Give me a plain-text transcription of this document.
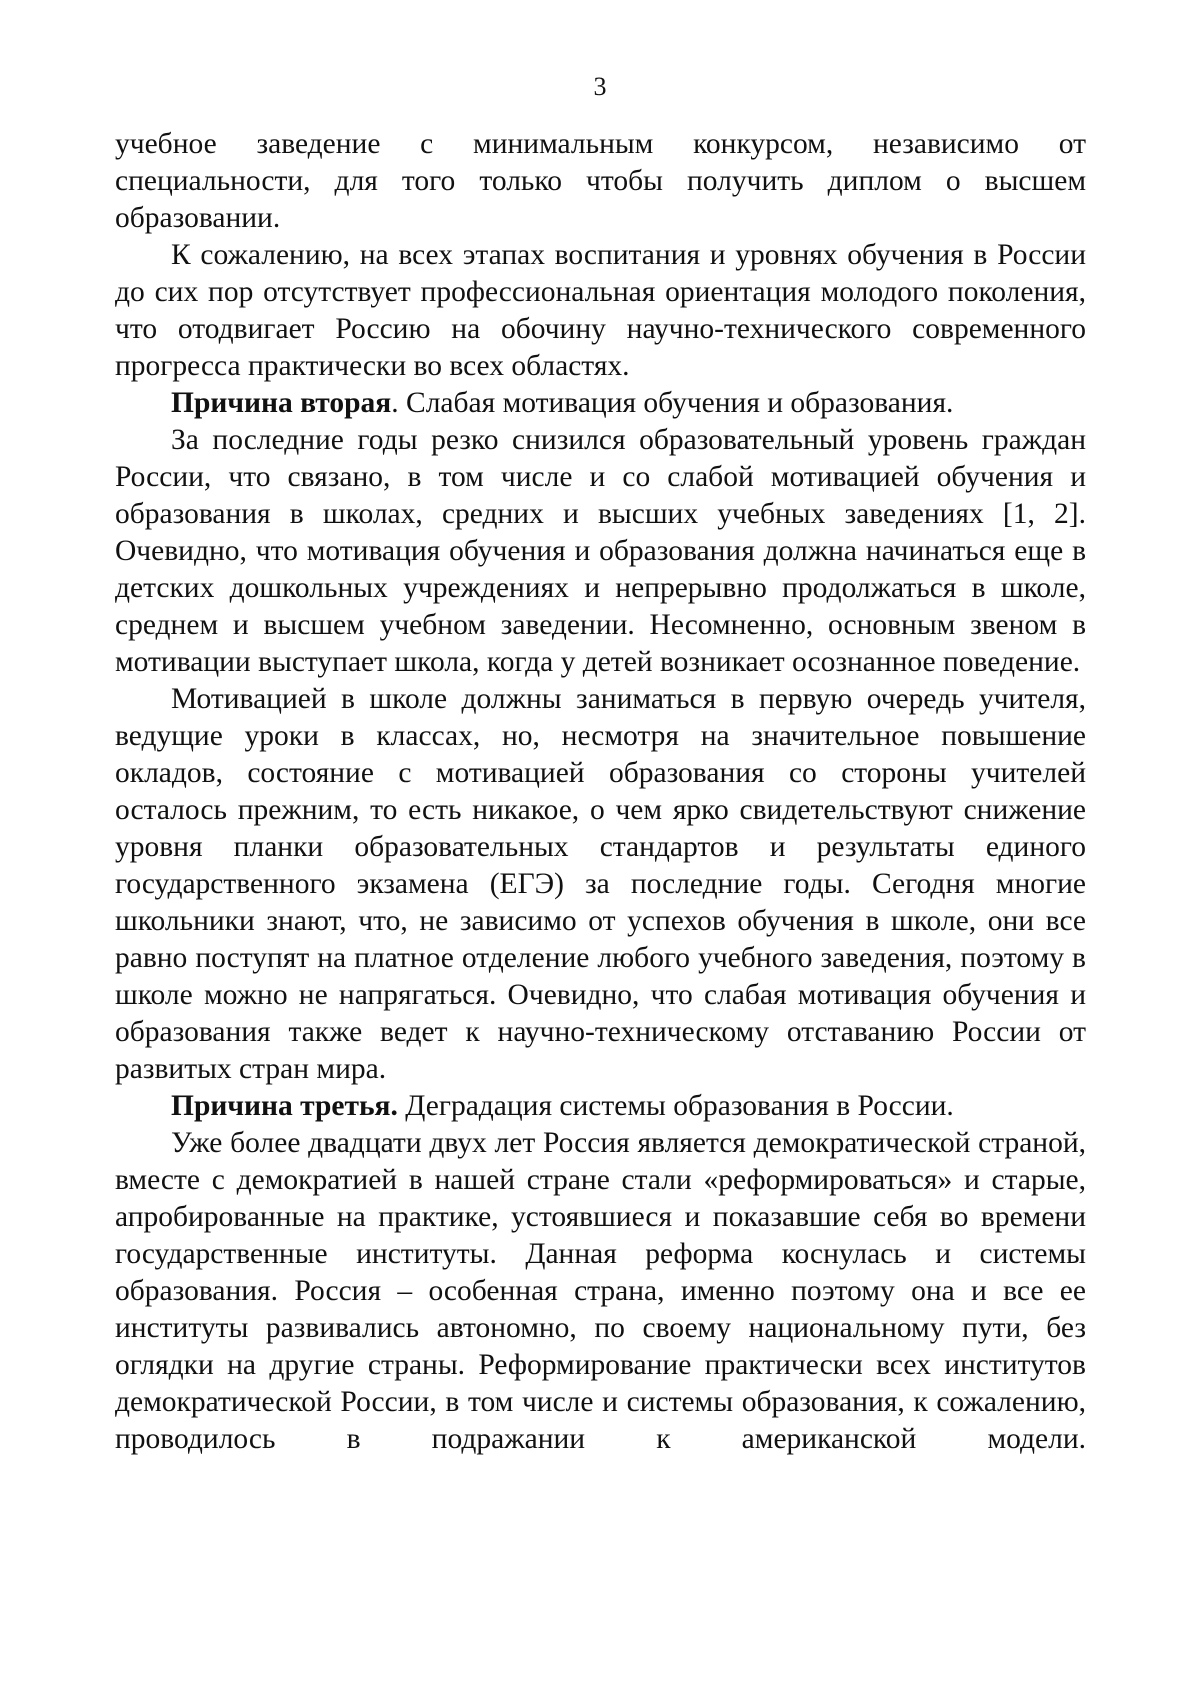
3

учебное заведение с минимальным конкурсом, независимо от специальности, для того только чтобы получить диплом о высшем образовании.

К сожалению, на всех этапах воспитания и уровнях обучения в России до сих пор отсутствует профессиональная ориентация молодого поколения, что отодвигает Россию на обочину научно-технического современного прогресса практически во всех областях.

Причина вторая. Слабая мотивация обучения и образования.

За последние годы резко снизился образовательный уровень граждан России, что связано, в том числе и со слабой мотивацией обучения и образования в школах, средних и высших учебных заведениях [1, 2]. Очевидно, что мотивация обучения и образования должна начинаться еще в детских дошкольных учреждениях и непрерывно продолжаться в школе, среднем и высшем учебном заведении. Несомненно, основным звеном в мотивации выступает школа, когда у детей возникает осознанное поведение.

Мотивацией в школе должны заниматься в первую очередь учителя, ведущие уроки в классах, но, несмотря на значительное повышение окладов, состояние с мотивацией образования со стороны учителей осталось прежним, то есть никакое, о чем ярко свидетельствуют снижение уровня планки образовательных стандартов и результаты единого государственного экзамена (ЕГЭ) за последние годы. Сегодня многие школьники знают, что, не зависимо от успехов обучения в школе, они все равно поступят на платное отделение любого учебного заведения, поэтому в школе можно не напрягаться. Очевидно, что слабая мотивация обучения и образования также ведет к научно-техническому отставанию России от развитых стран мира.

Причина третья. Деградация системы образования в России.

Уже более двадцати двух лет Россия является демократической страной, вместе с демократией в нашей стране стали «реформироваться» и старые, апробированные на практике, устоявшиеся и показавшие себя во времени государственные институты. Данная реформа коснулась и системы образования. Россия – особенная страна, именно поэтому она и все ее институты развивались автономно, по своему национальному пути, без оглядки на другие страны. Реформирование практически всех институтов демократической России, в том числе и системы образования, к сожалению, проводилось в подражании к американской модели.
